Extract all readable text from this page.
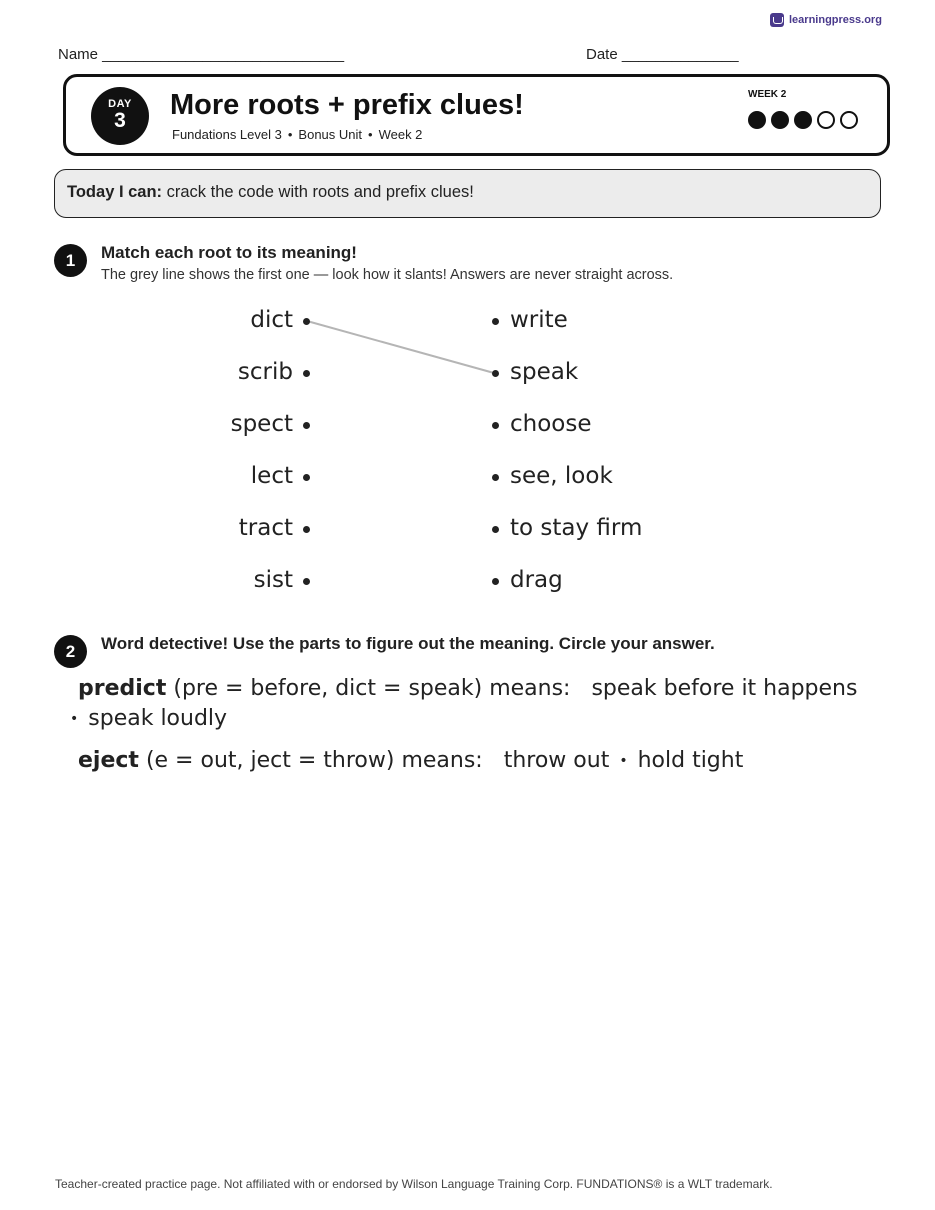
learningpress.org
Name _____________________________	Date ______________
DAY
3	More roots + prefix clues!
Fundations Level 3 • Bonus Unit • Week 2
WEEK 2
Today I can: crack the code with roots and prefix clues!
1	Match each root to its meaning!
The grey line shows the first one — look how it slants! Answers are never straight across.
dict
scrib
spect
lect
tract
sist
write
speak
choose
see, look
to stay firm
drag
2	Word detective! Use the parts to figure out the meaning. Circle your answer.
predict (pre = before, dict = speak) means: speak before it happens
• speak loudly
eject (e = out, ject = throw) means: throw out • hold tight
Teacher-created practice page. Not affiliated with or endorsed by Wilson Language Training Corp. FUNDATIONS® is a WLT trademark.
